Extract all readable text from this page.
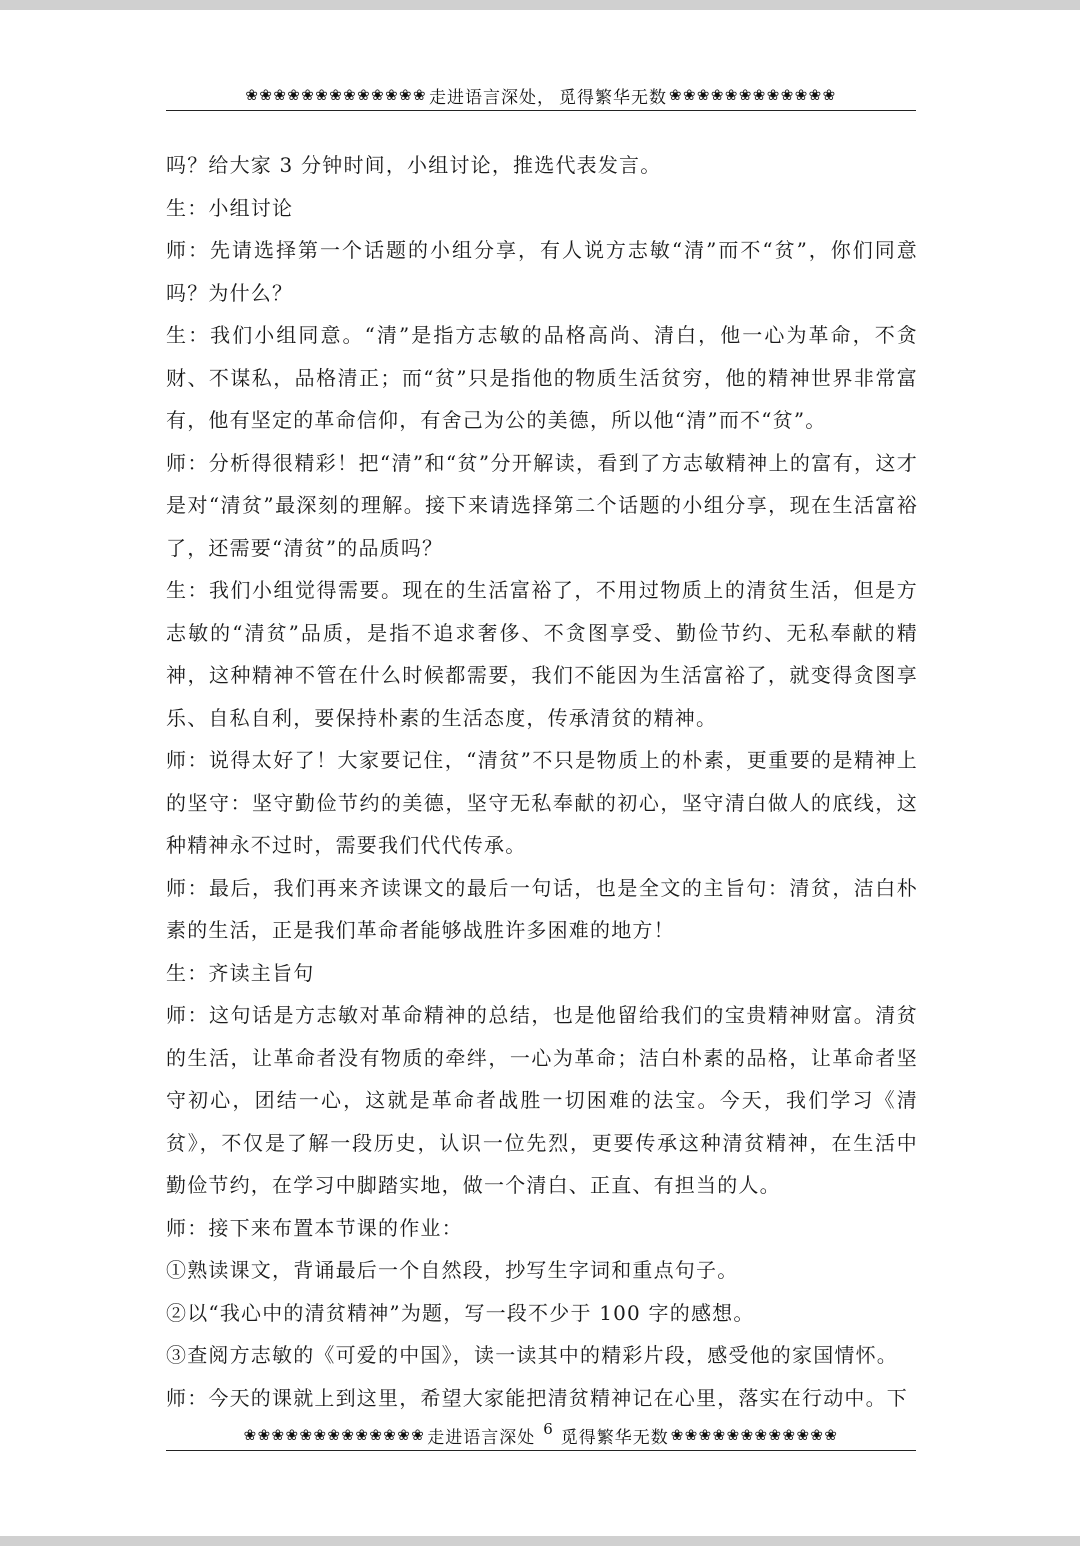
❀❀❀❀❀❀❀❀❀❀❀❀❀ 走进语言深处， 觅得繁华无数 ❀❀❀❀❀❀❀❀❀❀❀❀

吗？给大家 3 分钟时间，小组讨论，推选代表发言。

生：小组讨论

师：先请选择第一个话题的小组分享，有人说方志敏“清”而不“贫”，你们同意吗？为什么？

生：我们小组同意。“清”是指方志敏的品格高尚、清白，他一心为革命，不贪财、不谋私，品格清正；而“贫”只是指他的物质生活贫穷，他的精神世界非常富有，他有坚定的革命信仰，有舍己为公的美德，所以他“清”而不“贫”。

师：分析得很精彩！把“清”和“贫”分开解读，看到了方志敏精神上的富有，这才是对“清贫”最深刻的理解。接下来请选择第二个话题的小组分享，现在生活富裕了，还需要“清贫”的品质吗？

生：我们小组觉得需要。现在的生活富裕了，不用过物质上的清贫生活，但是方志敏的“清贫”品质，是指不追求奢侈、不贪图享受、勤俭节约、无私奉献的精神，这种精神不管在什么时候都需要，我们不能因为生活富裕了，就变得贪图享乐、自私自利，要保持朴素的生活态度，传承清贫的精神。

师：说得太好了！大家要记住，“清贫”不只是物质上的朴素，更重要的是精神上的坚守：坚守勤俭节约的美德，坚守无私奉献的初心，坚守清白做人的底线，这种精神永不过时，需要我们代代传承。

师：最后，我们再来齐读课文的最后一句话，也是全文的主旨句：清贫，洁白朴素的生活，正是我们革命者能够战胜许多困难的地方！

生：齐读主旨句

师：这句话是方志敏对革命精神的总结，也是他留给我们的宝贵精神财富。清贫的生活，让革命者没有物质的牵绊，一心为革命；洁白朴素的品格，让革命者坚守初心，团结一心，这就是革命者战胜一切困难的法宝。今天，我们学习《清贫》，不仅是了解一段历史，认识一位先烈，更要传承这种清贫精神，在生活中勤俭节约，在学习中脚踏实地，做一个清白、正直、有担当的人。

师：接下来布置本节课的作业：

①熟读课文，背诵最后一个自然段，抄写生字词和重点句子。

②以“我心中的清贫精神”为题，写一段不少于 100 字的感想。

③查阅方志敏的《可爱的中国》，读一读其中的精彩片段，感受他的家国情怀。

师：今天的课就上到这里，希望大家能把清贫精神记在心里，落实在行动中。下

❀❀❀❀❀❀❀❀❀❀❀❀❀ 走进语言深处 6 觅得繁华无数 ❀❀❀❀❀❀❀❀❀❀❀❀
